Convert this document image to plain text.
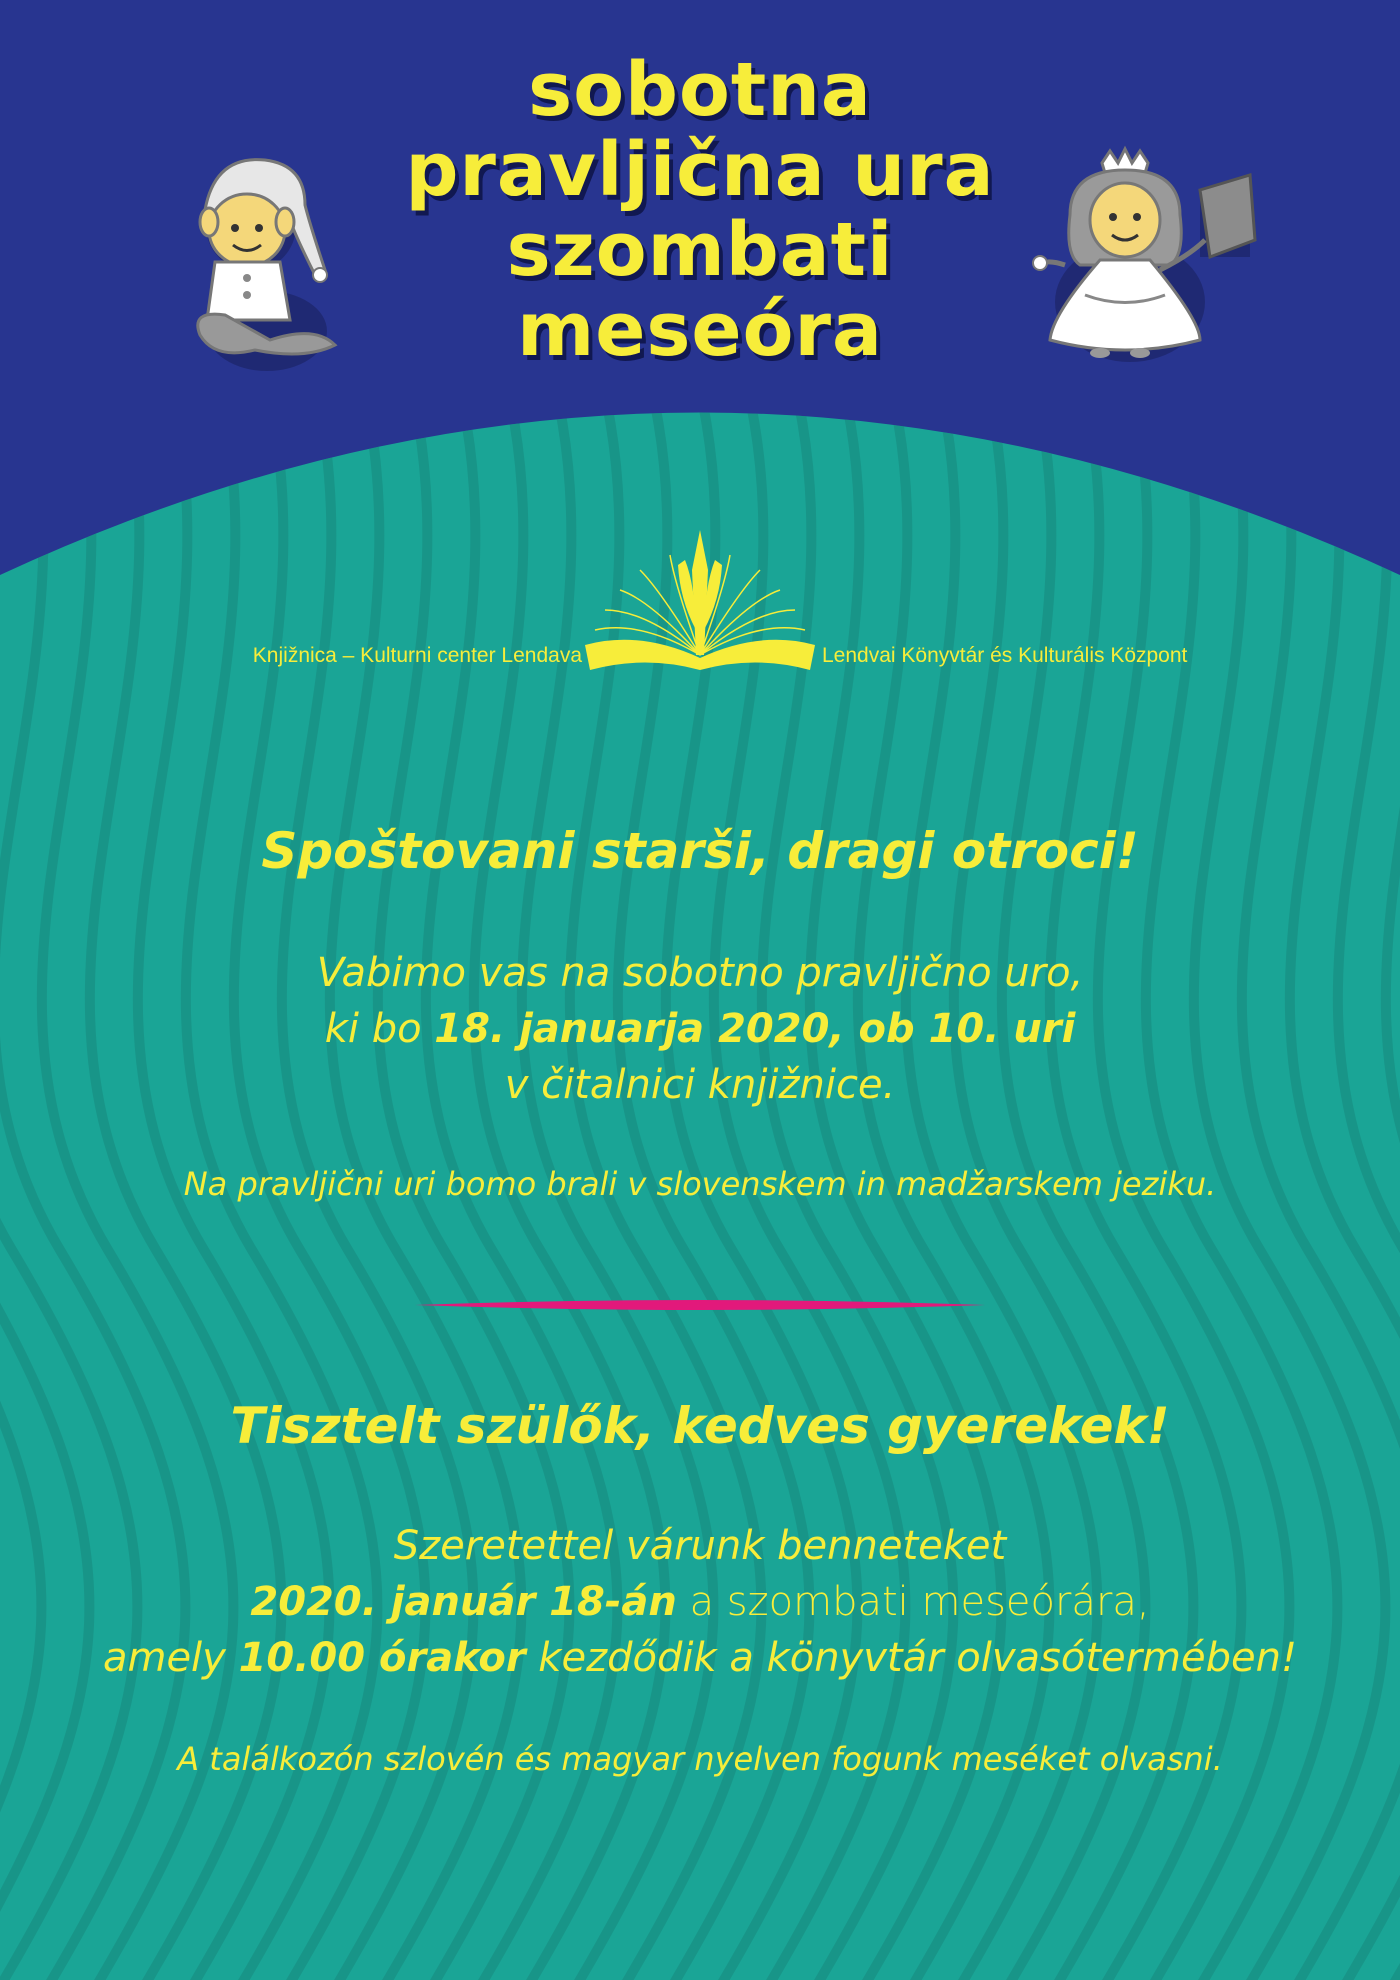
sobotna
pravljična ura
szombati
meseóra
Knjižnica – Kulturni center Lendava	Lendvai Könyvtár és Kulturális Központ
Spoštovani starši, dragi otroci!
Vabimo vas na sobotno pravljično uro,
ki bo 18. januarja 2020, ob 10. uri
v čitalnici knjižnice.
Na pravljični uri bomo brali v slovenskem in madžarskem jeziku.
Tisztelt szülők, kedves gyerekek!
Szeretettel várunk benneteket
2020. január 18-án a szombati meseórára,
amely 10.00 órakor kezdődik a könyvtár olvasótermében!
A találkozón szlovén és magyar nyelven fogunk meséket olvasni.
